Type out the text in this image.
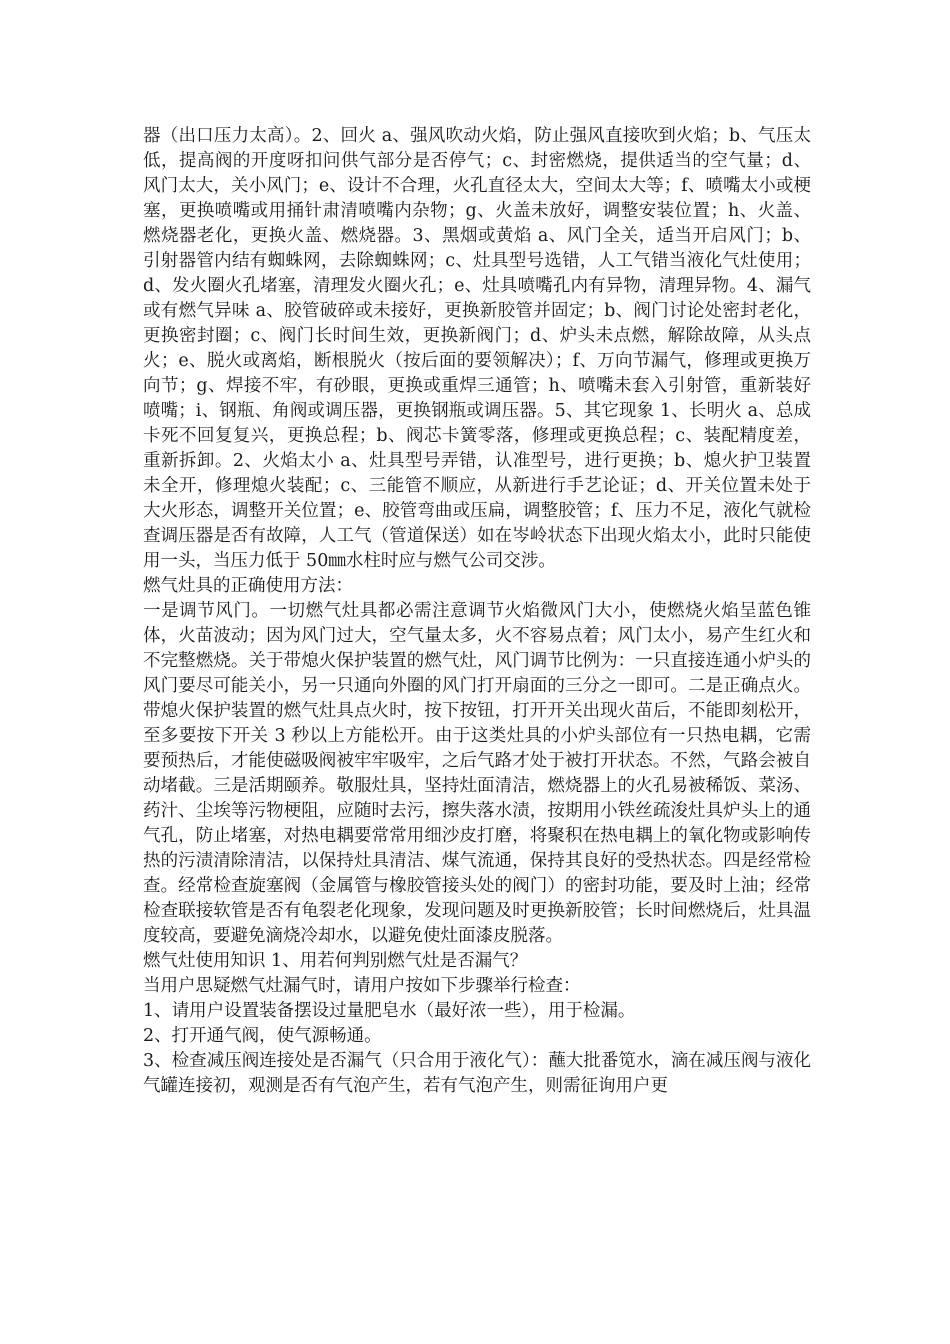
器（出口压力太高）。2、回火 a、强风吹动火焰，防止强风直接吹到火焰；b、气压太低，提高阀的开度呀扣问供气部分是否停气；c、封密燃烧，提供适当的空气量；d、风门太大，关小风门；e、设计不合理，火孔直径太大，空间太大等；f、喷嘴太小或梗塞，更换喷嘴或用捅针肃清喷嘴内杂物；g、火盖未放好，调整安装位置；h、火盖、燃烧器老化，更换火盖、燃烧器。3、黑烟或黄焰 a、风门全关，适当开启风门；b、引射器管内结有蜘蛛网，去除蜘蛛网；c、灶具型号选错，人工气错当液化气灶使用；d、发火圈火孔堵塞，清理发火圈火孔；e、灶具喷嘴孔内有异物，清理异物。4、漏气或有燃气异味 a、胶管破碎或未接好，更换新胶管并固定；b、阀门讨论处密封老化，更换密封圈；c、阀门长时间生效，更换新阀门；d、炉头未点燃，解除故障，从头点火；e、脱火或离焰，断根脱火（按后面的要领解决）；f、万向节漏气，修理或更换万向节；g、焊接不牢，有砂眼，更换或重焊三通管；h、喷嘴未套入引射管，重新装好喷嘴；i、钢瓶、角阀或调压器，更换钢瓶或调压器。5、其它现象 1、长明火 a、总成卡死不回复复兴，更换总程；b、阀芯卡簧零落，修理或更换总程；c、装配精度差，重新拆卸。2、火焰太小 a、灶具型号弄错，认准型号，进行更换；b、熄火护卫装置未全开，修理熄火装配；c、三能管不顺应，从新进行手艺论证；d、开关位置未处于大火形态，调整开关位置；e、胶管弯曲或压扁，调整胶管；f、压力不足，液化气就检查调压器是否有故障，人工气（管道保送）如在岑岭状态下出现火焰太小，此时只能使用一头，当压力低于 50㎜水柱时应与燃气公司交涉。

燃气灶具的正确使用方法：

一是调节风门。一切燃气灶具都必需注意调节火焰微风门大小，使燃烧火焰呈蓝色锥体，火苗波动；因为风门过大，空气量太多，火不容易点着；风门太小，易产生红火和不完整燃烧。关于带熄火保护装置的燃气灶，风门调节比例为：一只直接连通小炉头的风门要尽可能关小，另一只通向外圈的风门打开扇面的三分之一即可。二是正确点火。带熄火保护装置的燃气灶具点火时，按下按钮，打开开关出现火苗后，不能即刻松开，至多要按下开关 3 秒以上方能松开。由于这类灶具的小炉头部位有一只热电耦，它需要预热后，才能使磁吸阀被牢牢吸牢，之后气路才处于被打开状态。不然，气路会被自动堵截。三是活期颐养。敬服灶具，坚持灶面清洁，燃烧器上的火孔易被稀饭、菜汤、药汁、尘埃等污物梗阻，应随时去污，擦失落水渍，按期用小铁丝疏浚灶具炉头上的通气孔，防止堵塞，对热电耦要常常用细沙皮打磨，将聚积在热电耦上的氧化物或影响传热的污渍清除清洁，以保持灶具清洁、煤气流通，保持其良好的受热状态。四是经常检查。经常检查旋塞阀（金属管与橡胶管接头处的阀门）的密封功能，要及时上油；经常检查联接软管是否有龟裂老化现象，发现问题及时更换新胶管；长时间燃烧后，灶具温度较高，要避免滴烧冷却水，以避免使灶面漆皮脱落。

燃气灶使用知识 1、用若何判别燃气灶是否漏气？

当用户思疑燃气灶漏气时，请用户按如下步骤举行检查：

1、请用户设置装备摆设过量肥皂水（最好浓一些），用于检漏。

2、打开通气阀，使气源畅通。

3、检查减压阀连接处是否漏气（只合用于液化气）：蘸大批番笕水，滴在减压阀与液化气罐连接初，观测是否有气泡产生，若有气泡产生，则需征询用户更
